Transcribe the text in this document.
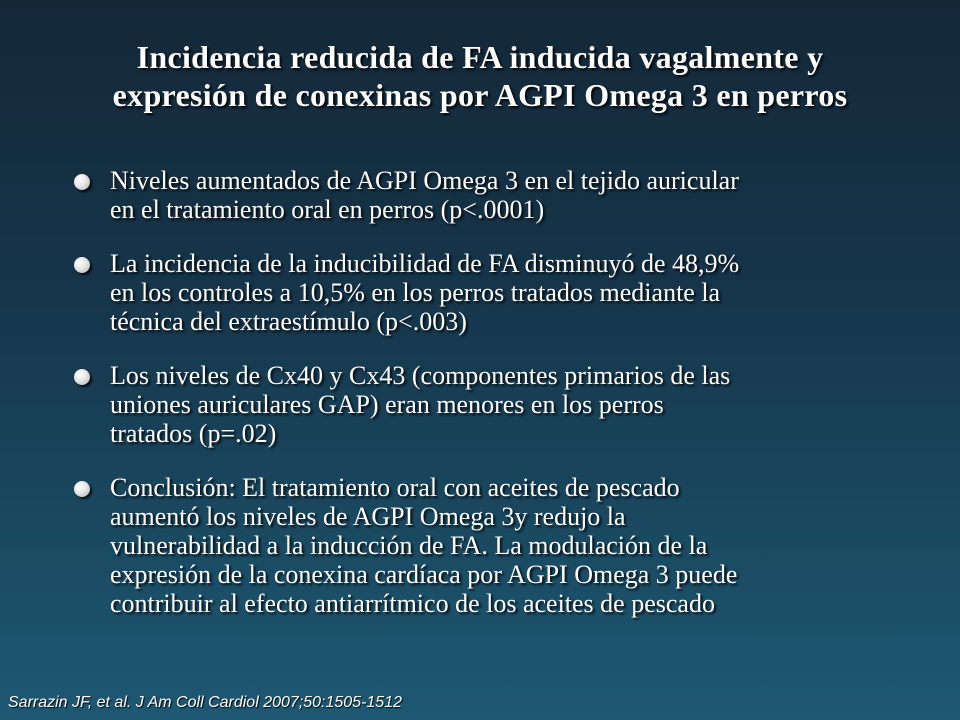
Incidencia reducida de FA inducida vagalmente y
expresión de conexinas por AGPI Omega 3 en perros
Niveles aumentados de AGPI Omega 3 en el tejido auricular
en el tratamiento oral en perros (p<.0001)
La incidencia de la inducibilidad de FA disminuyó de 48,9%
en los controles a 10,5% en los perros tratados mediante la
técnica del extraestímulo (p<.003)
Los niveles de Cx40 y Cx43 (componentes primarios de las
uniones auriculares GAP) eran menores en los perros
tratados (p=.02)
Conclusión: El tratamiento oral con aceites de pescado
aumentó los niveles de AGPI Omega 3y redujo la
vulnerabilidad a la inducción de FA. La modulación de la
expresión de la conexina cardíaca por AGPI Omega 3 puede
contribuir al efecto antiarrítmico de los aceites de pescado
Sarrazin JF, et al. J Am Coll Cardiol 2007;50:1505-1512
